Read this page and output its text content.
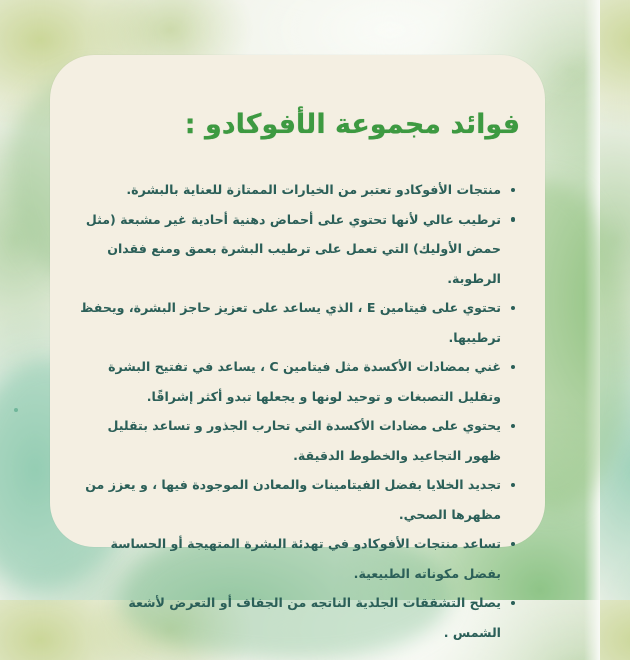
فوائد مجموعة الأفوكادو :
منتجات الأفوكادو تعتبر من الخيارات الممتازة للعناية بالبشرة.
ترطيب عالي لأنها تحتوي على أحماض دهنية أحادية غير مشبعة (مثل حمض الأوليك) التي تعمل على ترطيب البشرة بعمق ومنع فقدان الرطوبة.
تحتوي على فيتامين E ، الذي يساعد على تعزيز حاجز البشرة، ويحفظ ترطيبها.
غني بمضادات الأكسدة مثل فيتامين C ، يساعد في تفتيح البشرة وتقليل التصبغات و توحيد لونها و يجعلها تبدو أكثر إشراقًا.
يحتوي على مضادات الأكسدة التي تحارب الجذور و تساعد بتقليل ظهور التجاعيد والخطوط الدقيقة.
تجديد الخلايا بفضل الفيتامينات والمعادن الموجودة فيها ، و يعزز من مظهرها الصحي.
تساعد منتجات الأفوكادو في تهدئة البشرة المتهيجة أو الحساسة بفضل مكوناته الطبيعية.
يصلح التشققات الجلدية الناتجه من الجفاف أو التعرض لأشعة الشمس .
